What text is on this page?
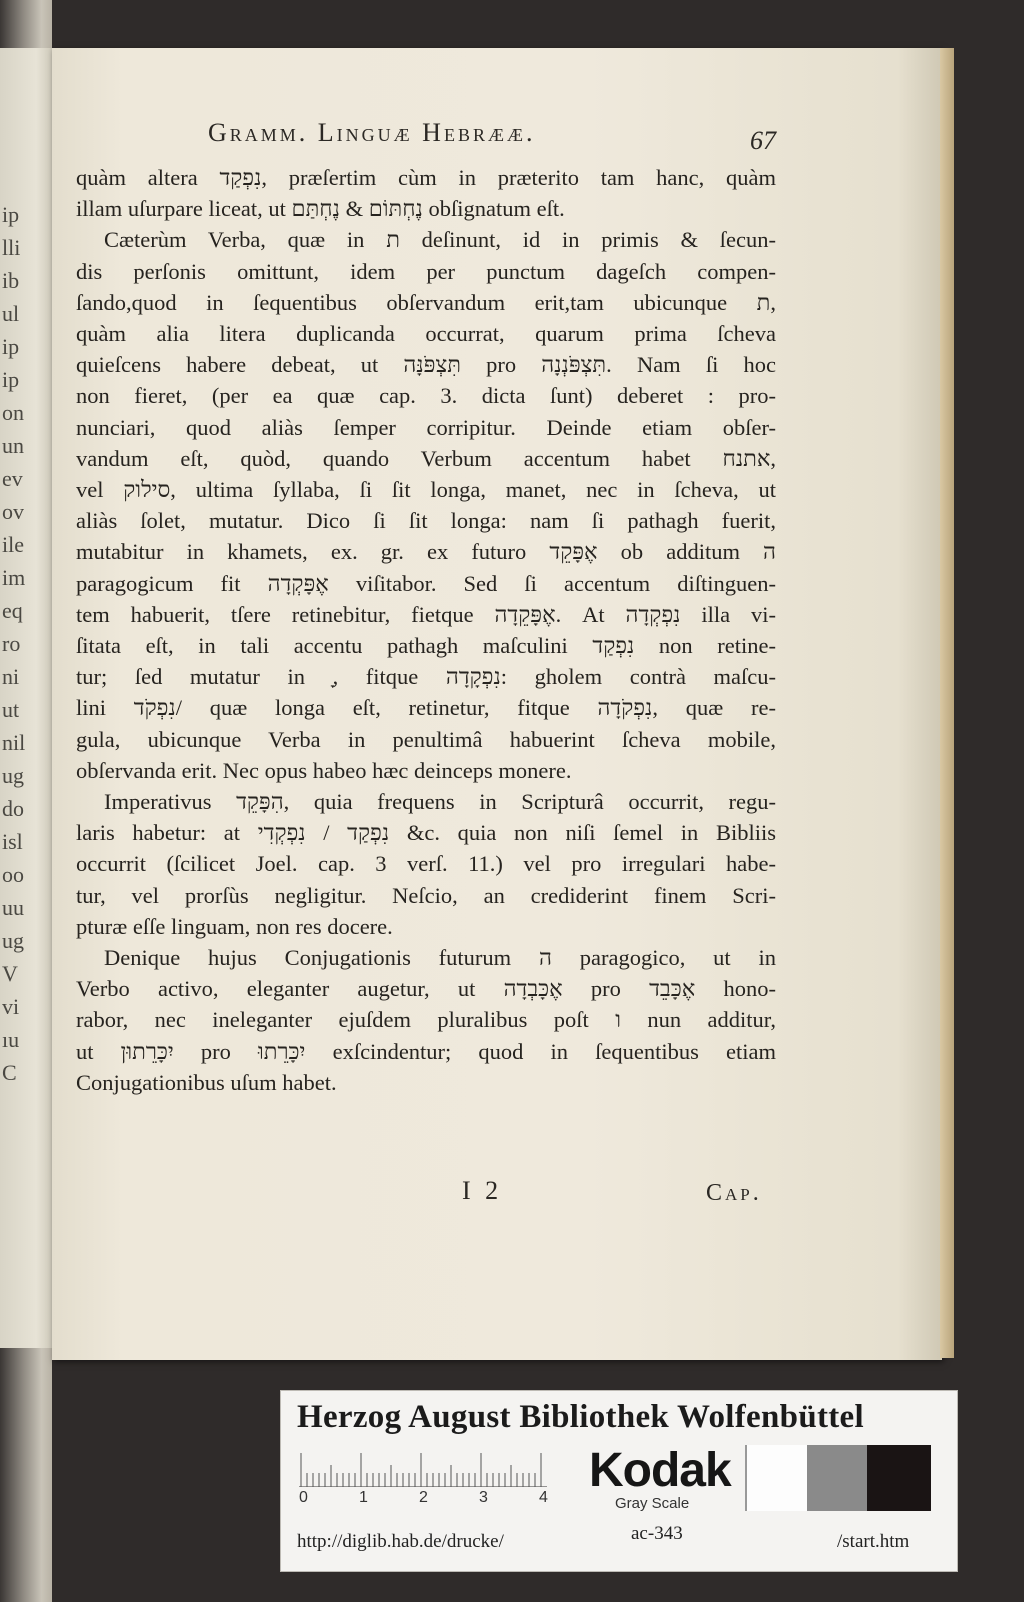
ip
lli
ib
ul
ip
ip
on
un
ev
ov
ile
im
eq
ro
ni
ut
nil
ug
do
isl
oo
uu
ug
V
vi
ıu
C
Gramm. Linguæ Hebrææ.	67
quàm altera נִפְקַד, præſertim cùm in præterito tam hanc, quàm
illam uſurpare liceat, ut נֶחְתּוֹם & נֶחְתַּם obſignatum eſt.
Cæterùm Verba, quæ in ת deſinunt, id in primis & ſecun-
dis perſonis omittunt, idem per punctum dageſch compen-
ſando,quod in ſequentibus obſervandum erit,tam ubicunque ת,
quàm alia litera duplicanda occurrat, quarum prima ſcheva
quieſcens habere debeat, ut תִּצְפֹּנָּה pro תִּצְפֹּנְנָה. Nam ſi hoc
non fieret, (per ea quæ cap. 3. dicta ſunt) deberet : pro-
nunciari, quod aliàs ſemper corripitur. Deinde etiam obſer-
vandum eſt, quòd, quando Verbum accentum habet אתנח,
vel סילוק, ultima ſyllaba, ſi ſit longa, manet, nec in ſcheva, ut
aliàs ſolet, mutatur. Dico ſi ſit longa: nam ſi pathagh fuerit,
mutabitur in khamets, ex. gr. ex futuro אֶפָּקֵד ob additum ה
paragogicum fit אֶפָּקְדָה viſitabor. Sed ſi accentum diſtinguen-
tem habuerit, tſere retinebitur, fietque אֶפָּקֵדָה. At נִפְקְדָה illa vi-
ſitata eſt, in tali accentu pathagh maſculini נִפְקַד non retine-
tur; ſed mutatur in ָ, fitque נִפְקָדָה: gholem contrà maſcu-
lini נִפְקֹד/ quæ longa eſt, retinetur, fitque נִפְקֹדָה, quæ re-
gula, ubicunque Verba in penultimâ habuerint ſcheva mobile,
obſervanda erit. Nec opus habeo hæc deinceps monere.
Imperativus הִפָּקֵד, quia frequens in Scripturâ occurrit, regu-
laris habetur: at נִפְקַד / נִפְקְדִי &c. quia non niſi ſemel in Bibliis
occurrit (ſcilicet Joel. cap. 3 verſ. 11.) vel pro irregulari habe-
tur, vel prorſùs negligitur. Neſcio, an crediderint finem Scri-
pturæ eſſe linguam, non res docere.
Denique hujus Conjugationis futurum ה paragogico, ut in
Verbo activo, eleganter augetur, ut אֶכָּבְדָה pro אֶכָּבֵד hono-
rabor, nec ineleganter ejuſdem pluralibus poſt ו nun additur,
ut יִכָּרֵתוּן pro יִכָּרֵתוּ exſcindentur; quod in ſequentibus etiam
Conjugationibus uſum habet.
I 2	Cap.
Herzog August Bibliothek Wolfenbüttel
0	1	2	3	4
Kodak
Gray Scale
http://diglib.hab.de/drucke/	ac-343	/start.htm
